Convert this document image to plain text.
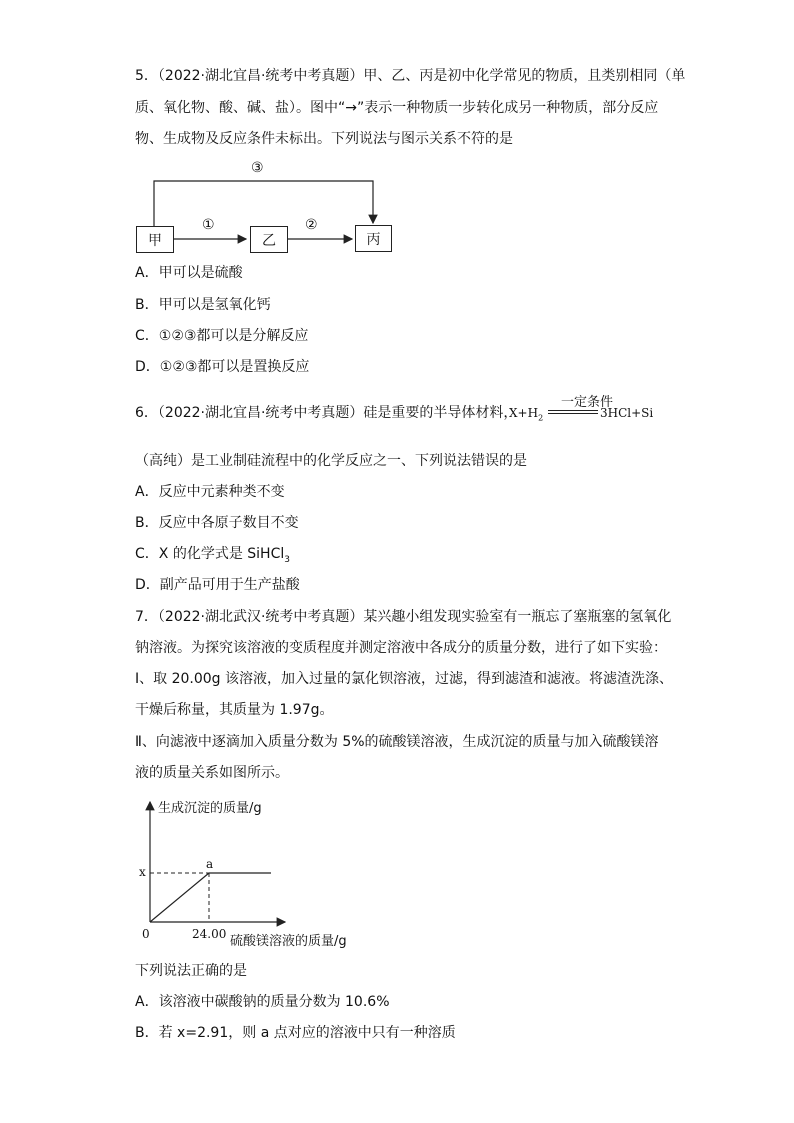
5．（2022·湖北宜昌·统考中考真题）甲、乙、丙是初中化学常见的物质，且类别相同（单
质、氧化物、酸、碱、盐）。图中“→”表示一种物质一步转化成另一种物质，部分反应
物、生成物及反应条件未标出。下列说法与图示关系不符的是
甲	乙	丙
①	②
③
A．甲可以是硫酸
B．甲可以是氢氧化钙
C．①②③都可以是分解反应
D．①②③都可以是置换反应
6．（2022·湖北宜昌·统考中考真题）硅是重要的半导体材料，
$X+H_2$
一定条件
3HCl+Si
（高纯）是工业制硅流程中的化学反应之一、下列说法错误的是
A．反应中元素种类不变
B．反应中各原子数目不变
C．X 的化学式是 SiHCl$_3$
D．副产品可用于生产盐酸
7．（2022·湖北武汉·统考中考真题）某兴趣小组发现实验室有一瓶忘了塞瓶塞的氢氧化
钠溶液。为探究该溶液的变质程度并测定溶液中各成分的质量分数，进行了如下实验：
I、取 20.00g 该溶液，加入过量的氯化钡溶液，过滤，得到滤渣和滤液。将滤渣洗涤、
干燥后称量，其质量为 1.97g。
Ⅱ、向滤液中逐滴加入质量分数为 5%的硫酸镁溶液，生成沉淀的质量与加入硫酸镁溶
液的质量关系如图所示。
生成沉淀的质量/g
硫酸镁溶液的质量/g
0	24.00
x
a
下列说法正确的是
A．该溶液中碳酸钠的质量分数为 10.6%
B．若 x=2.91，则 a 点对应的溶液中只有一种溶质
